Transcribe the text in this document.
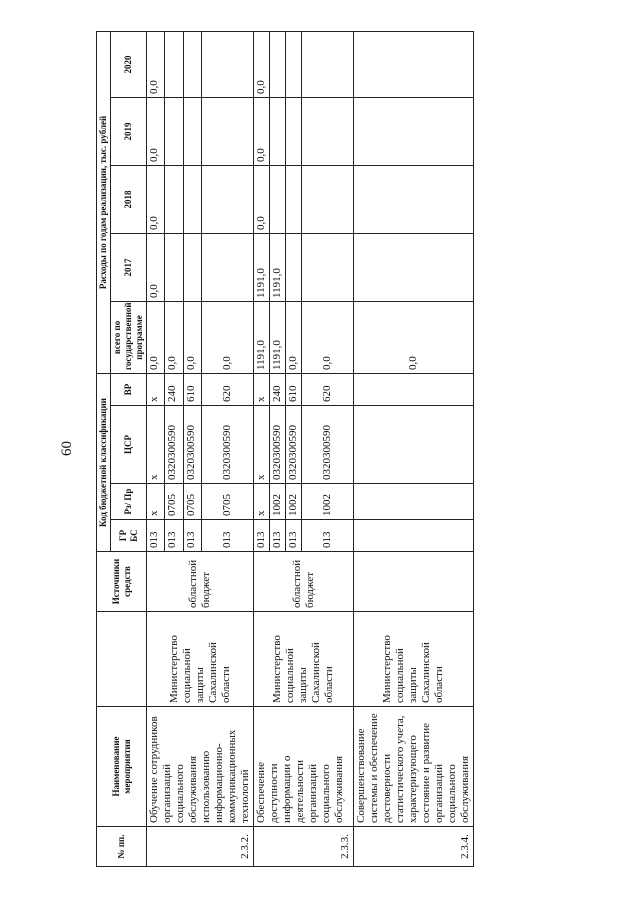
60
№ пп.	Наименование мероприятия		Источники средств	Код бюджетной классификации				Расходы по годам реализации, тыс. рублей				
				ГР БС	Рз/ Пр	ЦСР	ВР	всего по государственной программе	2017	2018	2019	2020
2.3.2.	Обучение сотрудников организаций социального обслуживания использованию информационно- коммуникационных технологий	Министерство социальной защиты Сахалинской области	областной бюджет	013	х	х	х	0,0	0,0	0,0	0,0	0,0
				013	0705	0320300590	240	0,0				
				013	0705	0320300590	610	0,0				
				013	0705	0320300590	620	0,0				
2.3.3.	Обеспечение доступности информации о деятельности организаций социального обслуживания	Министерство социальной защиты Сахалинской области	областной бюджет	013	х	х	х	1191,0	1191,0	0,0	0,0	0,0
				013	1002	0320300590	240	1191,0	1191,0			
				013	1002	0320300590	610	0,0				
				013	1002	0320300590	620	0,0				
2.3.4.	Совершенствование системы и обеспечение достоверности статистического учета, характеризующего состояние и развитие организаций социального обслуживания	Министерство социальной защиты Сахалинской области						0,0				
